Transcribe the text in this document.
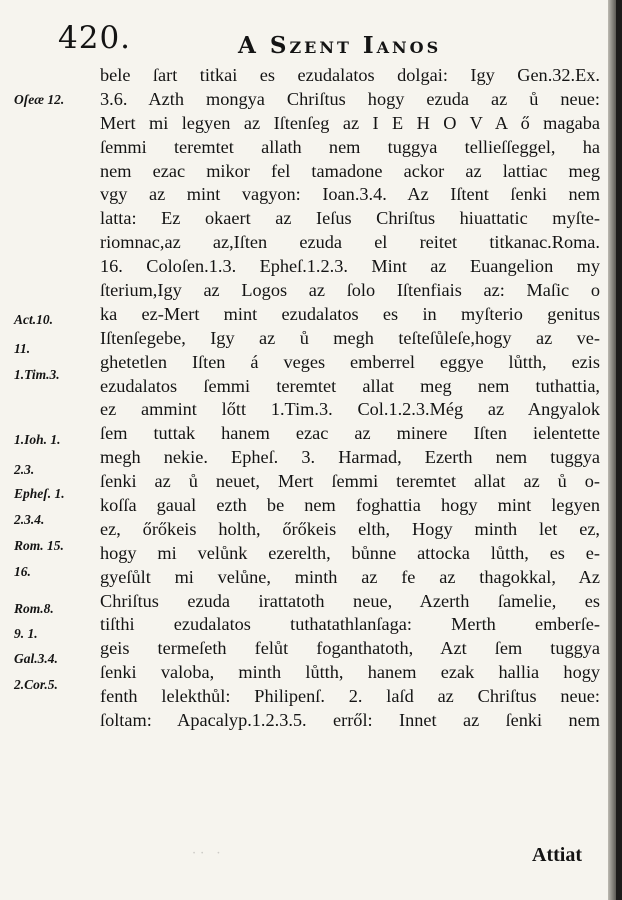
420.	A Szent Ianos
bele ſart titkai es ezudalatos dolgai: Igy Gen.32.Ex.
3.6. Azth mongya Chriſtus hogy ezuda az ů neue:
Mert mi legyen az Iſtenſeg az I E H O V A ő magaba
ſemmi teremtet allath nem tuggya tellieſſeggel, ha
nem ezac mikor fel tamadone ackor az lattiac meg
vgy az mint vagyon: Ioan.3.4. Az Iſtent ſenki nem
latta: Ez okaert az Ieſus Chriſtus hiuattatic myſte-
riomnac,az az,Iſten ezuda el reitet titkanac.Roma.
16. Coloſen.1.3. Epheſ.1.2.3. Mint az Euangelion my
ſterium,Igy az Logos az ſolo Iſtenfiais az: Maſic o
ka ez-Mert mint ezudalatos es in myſterio genitus
Iſtenſegebe, Igy az ů megh teſteſůleſe,hogy az ve-
ghetetlen Iſten á veges emberrel eggye lůtth, ezis
ezudalatos ſemmi teremtet allat meg nem tuthattia,
ez ammint lőtt 1.Tim.3. Col.1.2.3.Még az Angyalok
ſem tuttak hanem ezac az minere Iſten ielentette
megh nekie. Epheſ. 3. Harmad, Ezerth nem tuggya
ſenki az ů neuet, Mert ſemmi teremtet allat az ů o-
koſſa gaual ezth be nem foghattia hogy mint legyen
ez, őrőkeis holth, őrőkeis elth, Hogy minth let ez,
hogy mi velůnk ezerelth, bůnne attocka lůtth, es e-
gyeſůlt mi velůne, minth az fe az thagokkal, Az
Chriſtus ezuda irattatoth neue, Azerth ſamelie, es
tiſthi ezudalatos tuthatathlanſaga: Merth emberſe-
geis termeſeth felůt foganthatoth, Azt ſem tuggya
ſenki valoba, minth lůtth, hanem ezak hallia hogy
fenth lelekthůl: Philipenſ. 2. laſd az Chriſtus neue:
ſoltam: Apacalyp.1.2.3.5. erről: Innet az ſenki nem
Oſeæ 12.
Act.10.
11.
1.Tim.3.
1.Ioh. 1.
2.3.
Epheſ. 1.
2.3.4.
Rom. 15.
16.
Rom.8.
9. 1.
Gal.3.4.
2.Cor.5.
·· ·	Attiat
